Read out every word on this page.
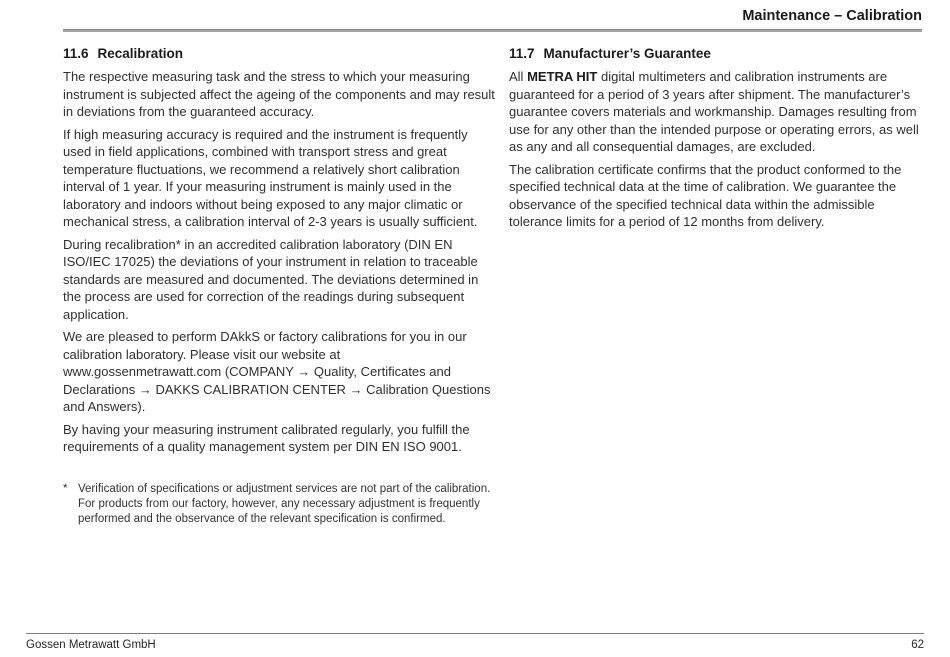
Maintenance – Calibration
11.6 Recalibration

The respective measuring task and the stress to which your measuring instrument is subjected affect the ageing of the components and may result in deviations from the guaranteed accuracy.

If high measuring accuracy is required and the instrument is frequently used in field applications, combined with transport stress and great temperature fluctuations, we recommend a relatively short calibration interval of 1 year. If your measuring instrument is mainly used in the laboratory and indoors without being exposed to any major climatic or mechanical stress, a calibration interval of 2-3 years is usually sufficient.

During recalibration* in an accredited calibration laboratory (DIN EN ISO/IEC 17025) the deviations of your instrument in relation to traceable standards are measured and documented. The deviations determined in the process are used for correction of the readings during subsequent application.

We are pleased to perform DAkkS or factory calibrations for you in our calibration laboratory. Please visit our website at www.gossenmetrawatt.com (COMPANY → Quality, Certificates and Declarations → DAKKS CALIBRATION CENTER → Calibration Questions and Answers).

By having your measuring instrument calibrated regularly, you fulfill the requirements of a quality management system per DIN EN ISO 9001.

* Verification of specifications or adjustment services are not part of the calibration. For products from our factory, however, any necessary adjustment is frequently performed and the observance of the relevant specification is confirmed.
11.7 Manufacturer’s Guarantee

All METRA HIT digital multimeters and calibration instruments are guaranteed for a period of 3 years after shipment. The manufacturer’s guarantee covers materials and workmanship. Damages resulting from use for any other than the intended purpose or operating errors, as well as any and all consequential damages, are excluded.

The calibration certificate confirms that the product conformed to the specified technical data at the time of calibration. We guarantee the observance of the specified technical data within the admissible tolerance limits for a period of 12 months from delivery.

Gossen Metrawatt GmbH	62
